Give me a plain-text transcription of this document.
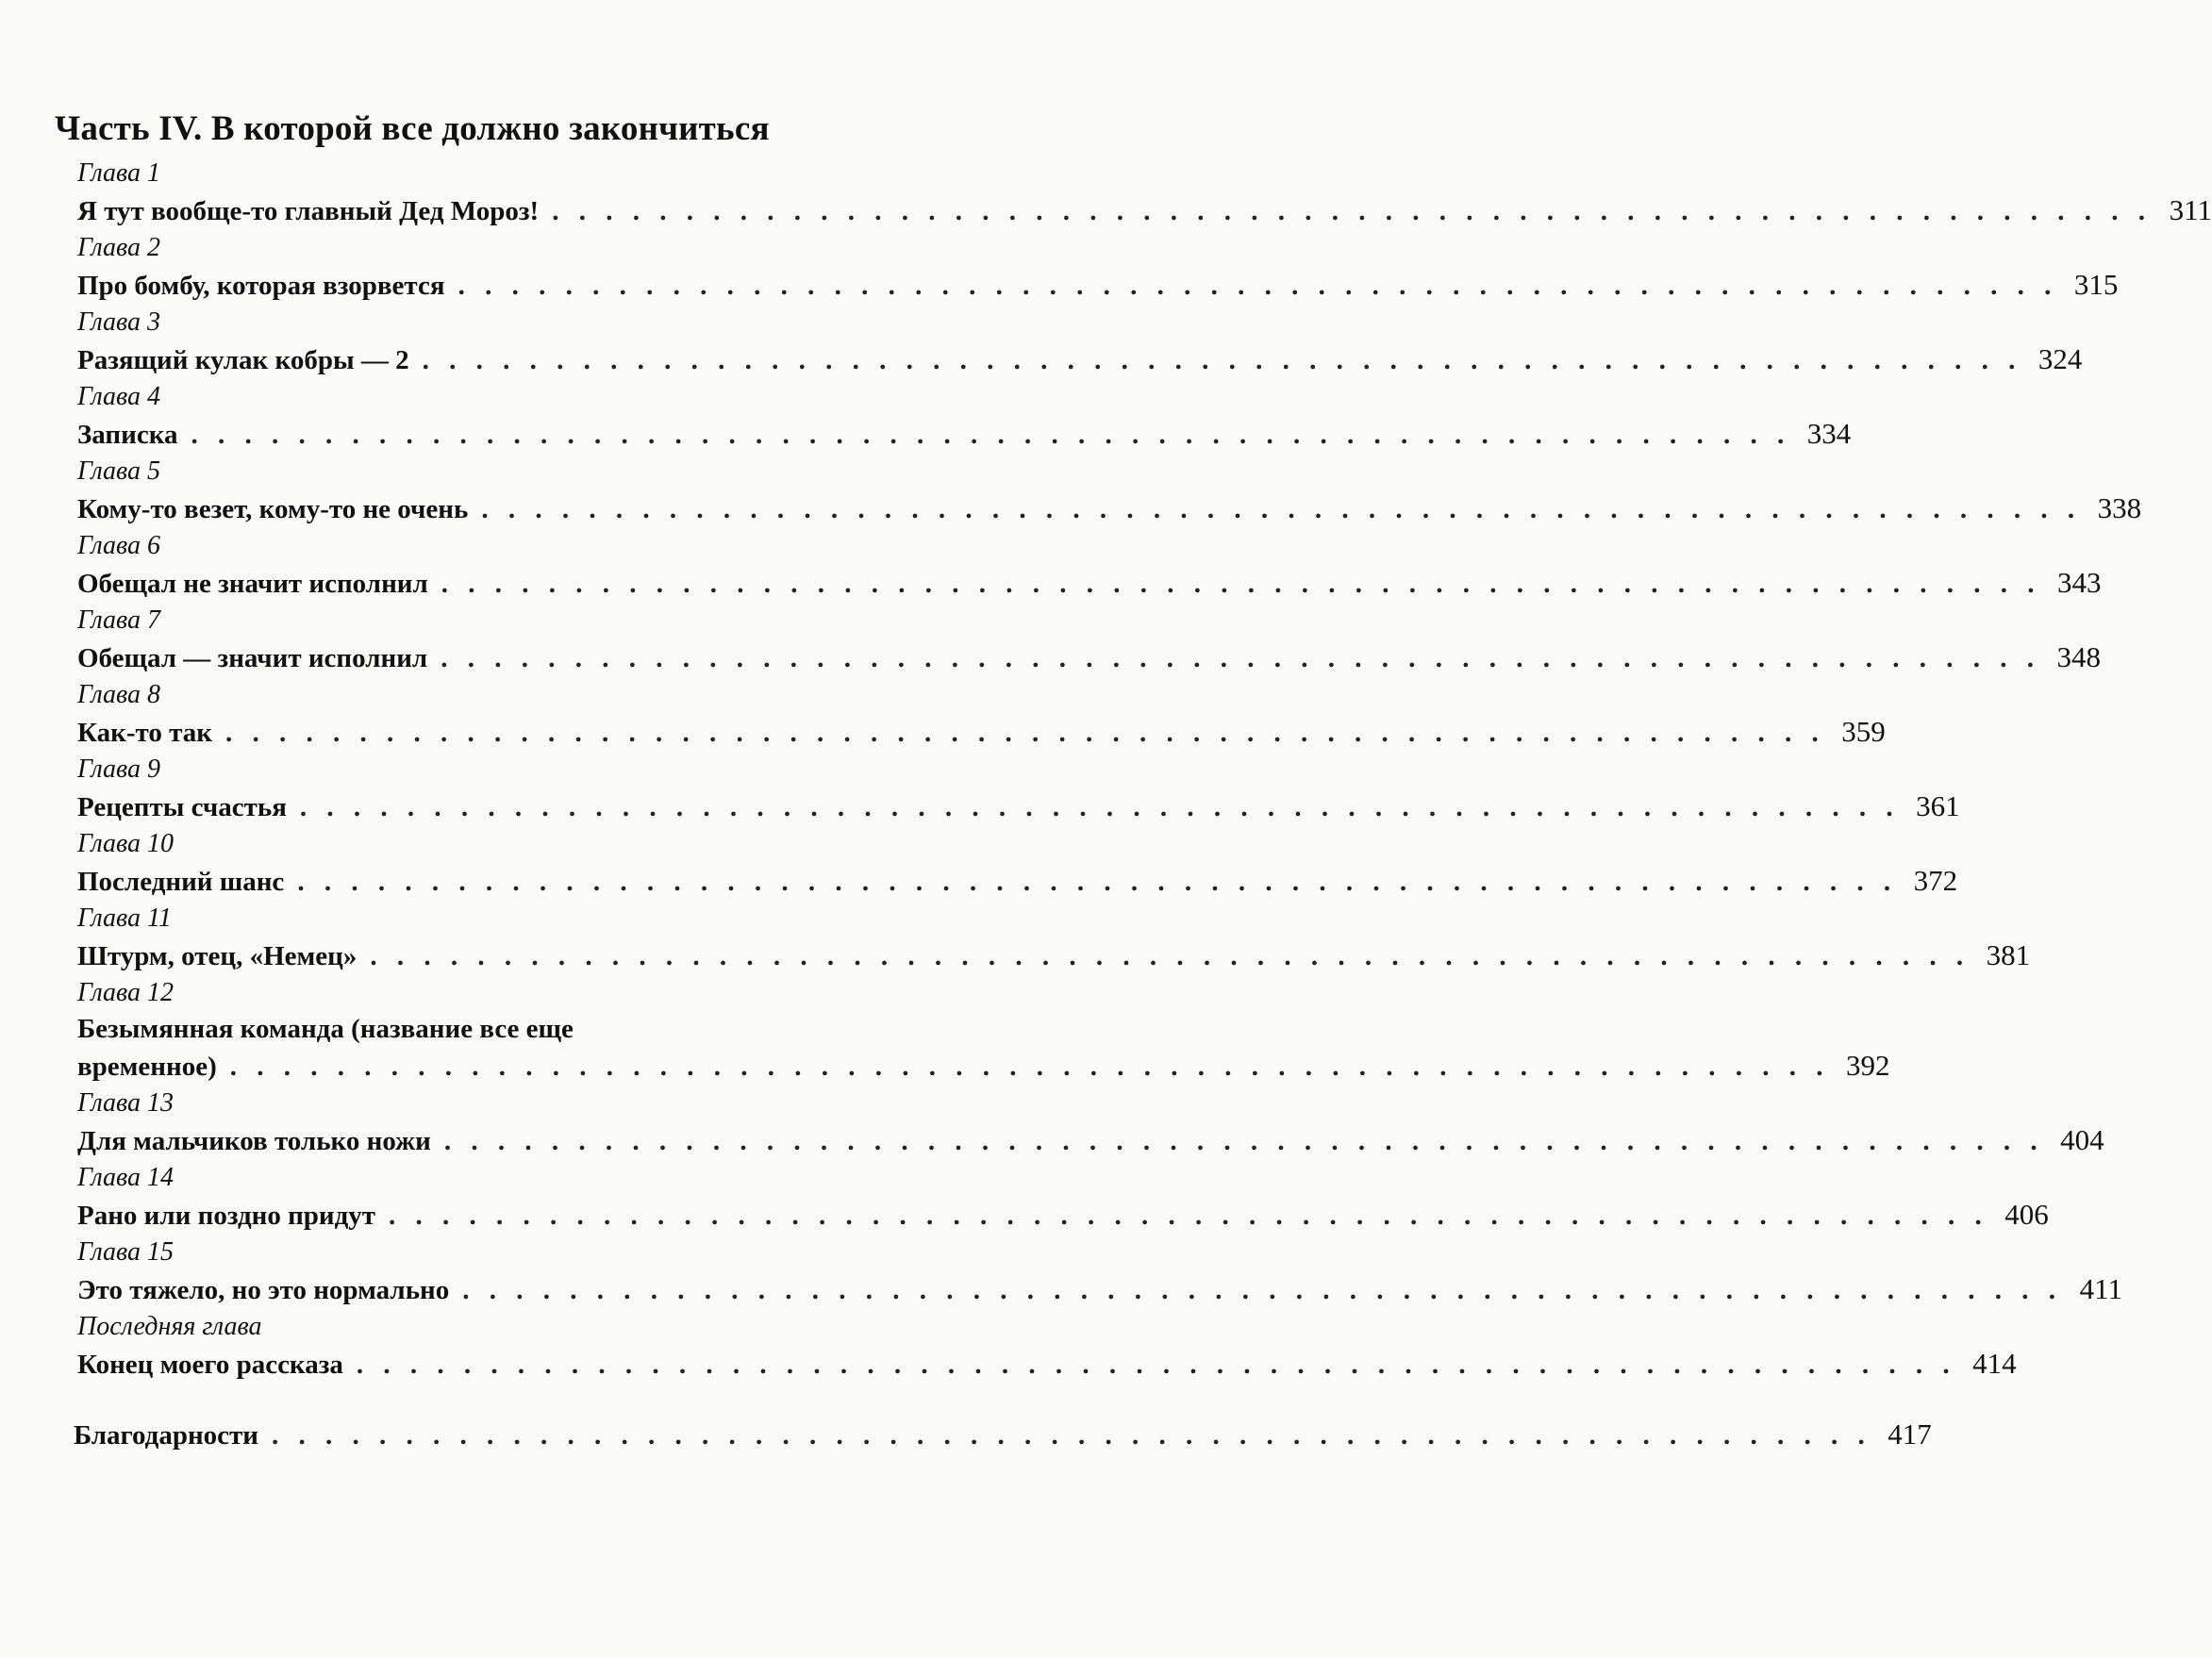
Часть IV. В которой все должно закончиться
Глава 1
Я тут вообще-то главный Дед Мороз! . . . . . . . . . . . . . . . . . . . . . . . . . . . . . . . . . . . . . . . . . . . . . . . . . . . . . . . . . . . . 311
Глава 2
Про бомбу, которая взорвется . . . . . . . . . . . . . . . . . . . . . . . . . . . . . . . . . . . . . . . . . . . . . . . . . . . . . . . . . . . . 315
Глава 3
Разящий кулак кобры — 2 . . . . . . . . . . . . . . . . . . . . . . . . . . . . . . . . . . . . . . . . . . . . . . . . . . . . . . . . . . . . 324
Глава 4
Записка . . . . . . . . . . . . . . . . . . . . . . . . . . . . . . . . . . . . . . . . . . . . . . . . . . . . . . . . . . . . 334
Глава 5
Кому-то везет, кому-то не очень . . . . . . . . . . . . . . . . . . . . . . . . . . . . . . . . . . . . . . . . . . . . . . . . . . . . . . . . . . . . 338
Глава 6
Обещал не значит исполнил . . . . . . . . . . . . . . . . . . . . . . . . . . . . . . . . . . . . . . . . . . . . . . . . . . . . . . . . . . . . 343
Глава 7
Обещал — значит исполнил . . . . . . . . . . . . . . . . . . . . . . . . . . . . . . . . . . . . . . . . . . . . . . . . . . . . . . . . . . . . 348
Глава 8
Как-то так . . . . . . . . . . . . . . . . . . . . . . . . . . . . . . . . . . . . . . . . . . . . . . . . . . . . . . . . . . . . 359
Глава 9
Рецепты счастья . . . . . . . . . . . . . . . . . . . . . . . . . . . . . . . . . . . . . . . . . . . . . . . . . . . . . . . . . . . . 361
Глава 10
Последний шанс . . . . . . . . . . . . . . . . . . . . . . . . . . . . . . . . . . . . . . . . . . . . . . . . . . . . . . . . . . . . 372
Глава 11
Штурм, отец, «Немец» . . . . . . . . . . . . . . . . . . . . . . . . . . . . . . . . . . . . . . . . . . . . . . . . . . . . . . . . . . . . 381
Глава 12
Безымянная команда (название все еще
временное) . . . . . . . . . . . . . . . . . . . . . . . . . . . . . . . . . . . . . . . . . . . . . . . . . . . . . . . . . . . . 392
Глава 13
Для мальчиков только ножи . . . . . . . . . . . . . . . . . . . . . . . . . . . . . . . . . . . . . . . . . . . . . . . . . . . . . . . . . . . . 404
Глава 14
Рано или поздно придут . . . . . . . . . . . . . . . . . . . . . . . . . . . . . . . . . . . . . . . . . . . . . . . . . . . . . . . . . . . . 406
Глава 15
Это тяжело, но это нормально . . . . . . . . . . . . . . . . . . . . . . . . . . . . . . . . . . . . . . . . . . . . . . . . . . . . . . . . . . . . 411
Последняя глава
Конец моего рассказа . . . . . . . . . . . . . . . . . . . . . . . . . . . . . . . . . . . . . . . . . . . . . . . . . . . . . . . . . . . . 414
Благодарности . . . . . . . . . . . . . . . . . . . . . . . . . . . . . . . . . . . . . . . . . . . . . . . . . . . . . . . . . . . . 417
